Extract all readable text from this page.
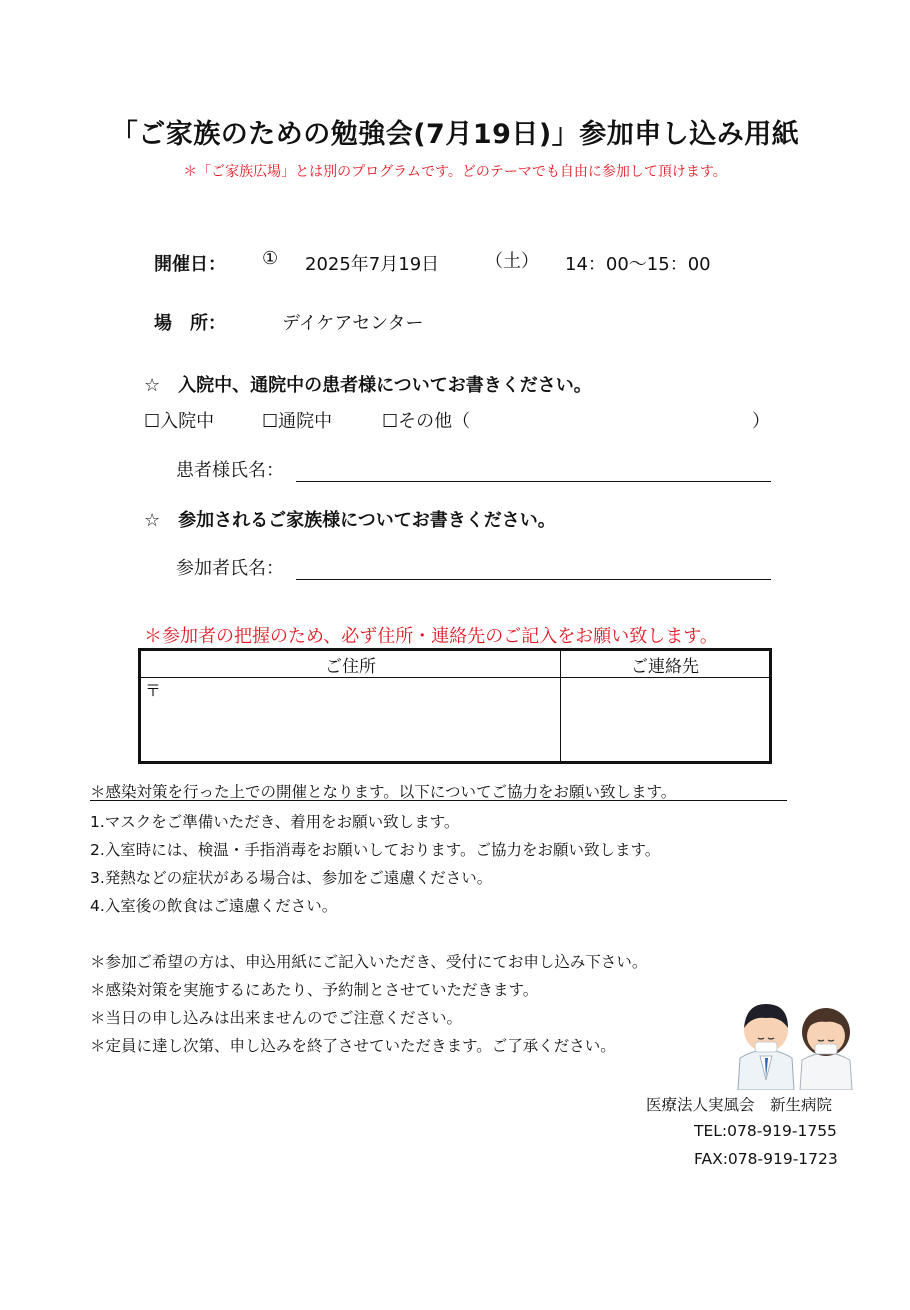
「ご家族のための勉強会(7月19日)」参加申し込み用紙
＊「ご家族広場」とは別のプログラムです。どのテーマでも自由に参加して頂けます。
開催日： ① 2025年7月19日	（土） 14：00～15：00
場　所：	デイケアセンター
☆　入院中、通院中の患者様についてお書きください。
☐入院中	☐通院中	☐その他（	）
患者様氏名：
☆　参加されるご家族様についてお書きください。
参加者氏名：
＊参加者の把握のため、必ず住所・連絡先のご記入をお願い致します。
ご住所	ご連絡先
〒	
＊感染対策を行った上での開催となります。以下についてご協力をお願い致します。
1.マスクをご準備いただき、着用をお願い致します。
2.入室時には、検温・手指消毒をお願いしております。ご協力をお願い致します。
3.発熱などの症状がある場合は、参加をご遠慮ください。
4.入室後の飲食はご遠慮ください。
＊参加ご希望の方は、申込用紙にご記入いただき、受付にてお申し込み下さい。
＊感染対策を実施するにあたり、予約制とさせていただきます。
＊当日の申し込みは出来ませんのでご注意ください。
＊定員に達し次第、申し込みを終了させていただきます。ご了承ください。
医療法人実風会　新生病院
TEL:078-919-1755
FAX:078-919-1723
